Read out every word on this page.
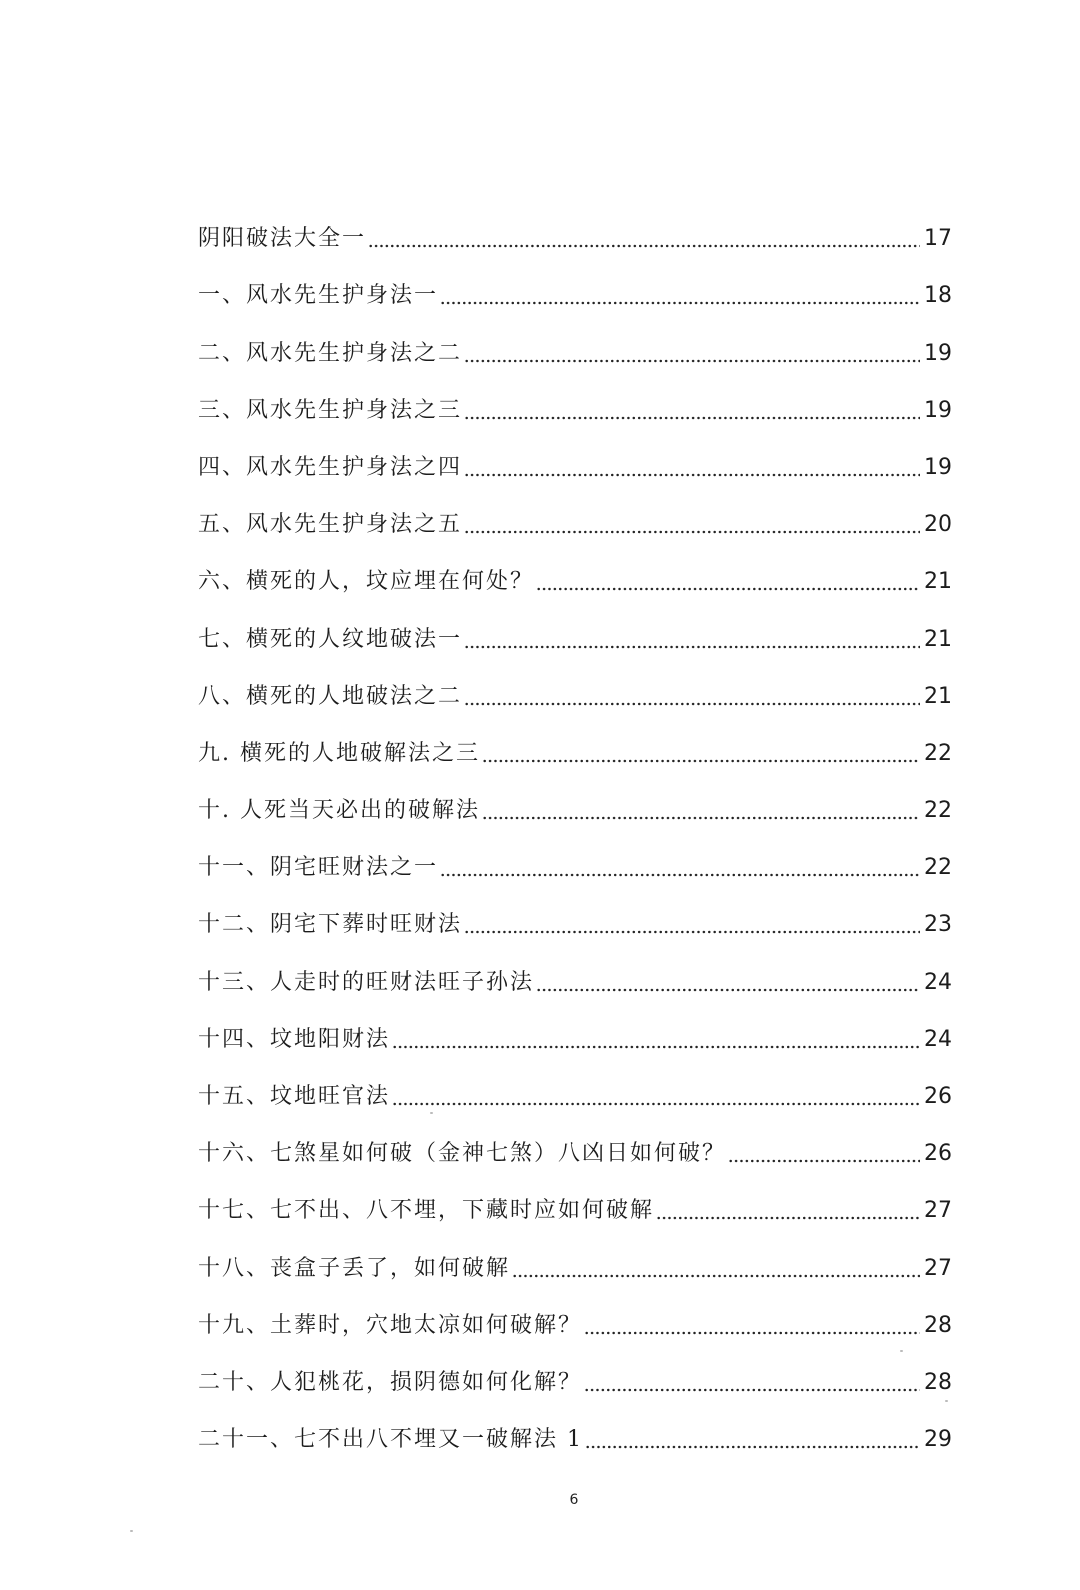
阴阳破法大全一	17
一、风水先生护身法一	18
二、风水先生护身法之二	19
三、风水先生护身法之三	19
四、风水先生护身法之四	19
五、风水先生护身法之五	20
六、横死的人，坟应埋在何处？	21
七、横死的人纹地破法一	21
八、横死的人地破法之二	21
九. 横死的人地破解法之三	22
十. 人死当天必出的破解法	22
十一、阴宅旺财法之一	22
十二、阴宅下葬时旺财法	23
十三、人走时的旺财法旺子孙法	24
十四、坟地阳财法	24
十五、坟地旺官法	26
十六、七煞星如何破（金神七煞）八凶日如何破？	26
十七、七不出、八不埋，下藏时应如何破解	27
十八、丧盒子丢了，如何破解	27
十九、土葬时，穴地太凉如何破解？	28
二十、人犯桃花，损阴德如何化解？	28
二十一、七不出八不埋又一破解法 1	29
6
